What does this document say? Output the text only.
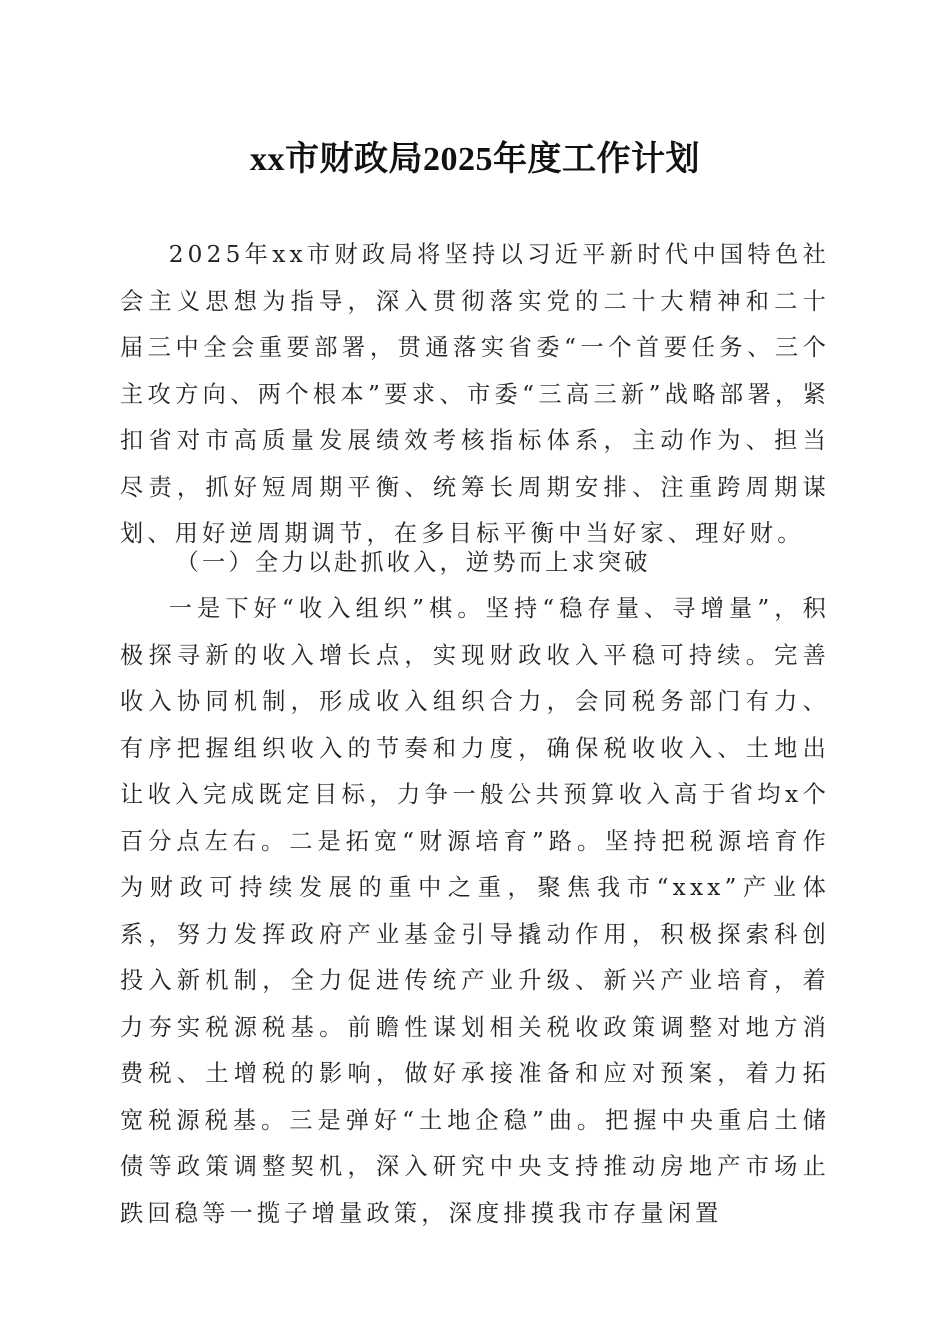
xx市财政局2025年度工作计划

2025年xx市财政局将坚持以习近平新时代中国特色社会主义思想为指导，深入贯彻落实党的二十大精神和二十届三中全会重要部署，贯通落实省委“一个首要任务、三个主攻方向、两个根本”要求、市委“三高三新”战略部署，紧扣省对市高质量发展绩效考核指标体系，主动作为、担当尽责，抓好短周期平衡、统筹长周期安排、注重跨周期谋划、用好逆周期调节，在多目标平衡中当好家、理好财。

（一）全力以赴抓收入，逆势而上求突破

一是下好“收入组织”棋。坚持“稳存量、寻增量”，积极探寻新的收入增长点，实现财政收入平稳可持续。完善收入协同机制，形成收入组织合力，会同税务部门有力、有序把握组织收入的节奏和力度，确保税收收入、土地出让收入完成既定目标，力争一般公共预算收入高于省均x个百分点左右。二是拓宽“财源培育”路。坚持把税源培育作为财政可持续发展的重中之重，聚焦我市“xxx”产业体系，努力发挥政府产业基金引导撬动作用，积极探索科创投入新机制，全力促进传统产业升级、新兴产业培育，着力夯实税源税基。前瞻性谋划相关税收政策调整对地方消费税、土增税的影响，做好承接准备和应对预案，着力拓宽税源税基。三是弹好“土地企稳”曲。把握中央重启土储债等政策调整契机，深入研究中央支持推动房地产市场止跌回稳等一揽子增量政策，深度排摸我市存量闲置
